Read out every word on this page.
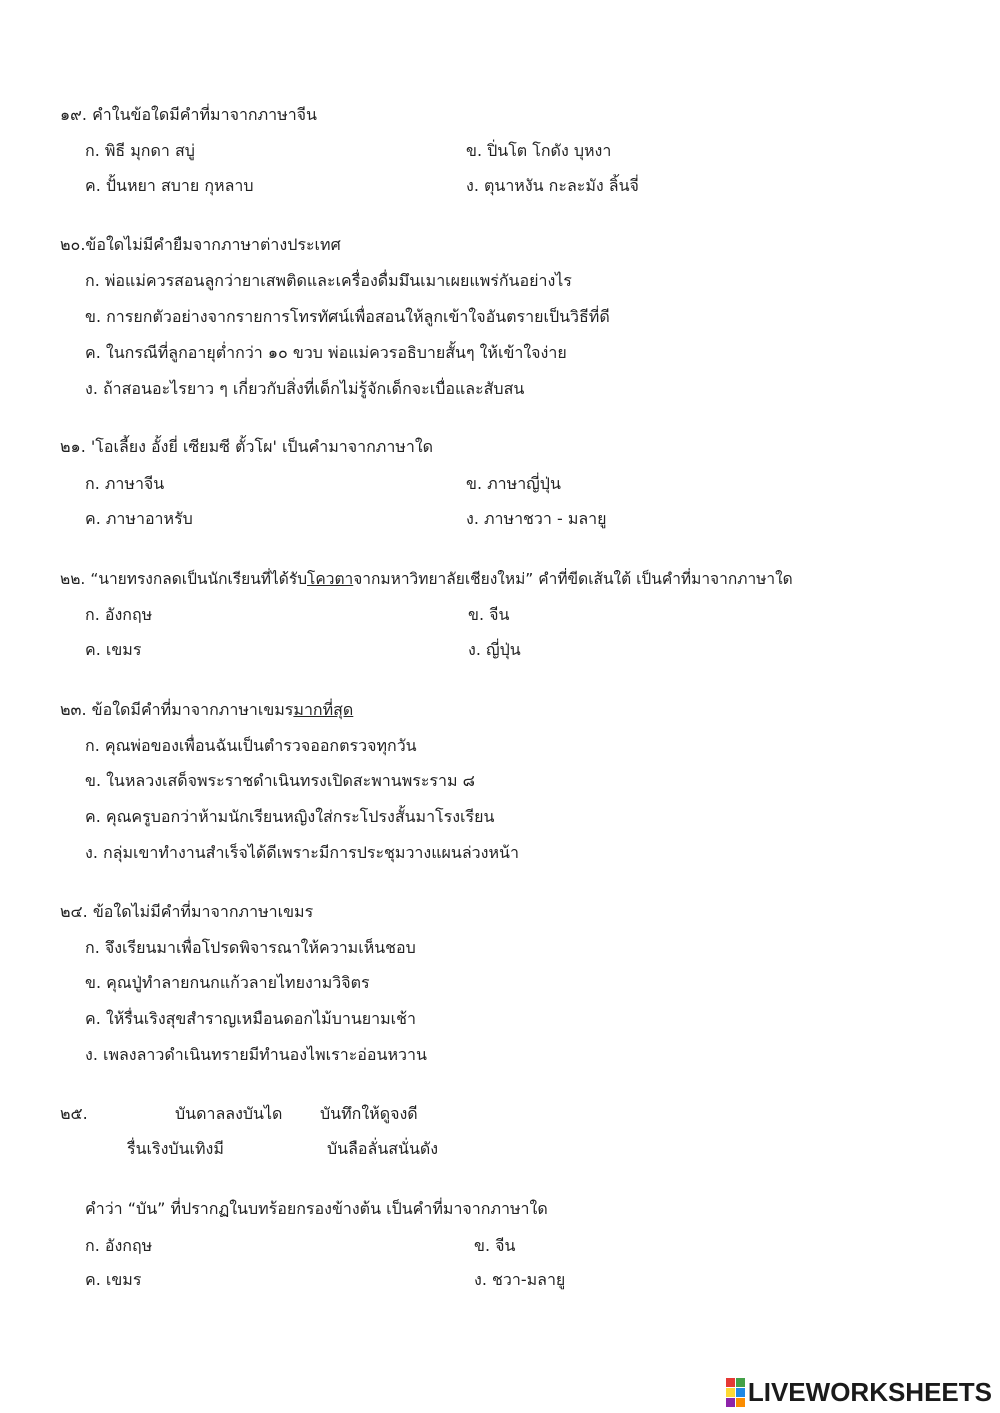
๑๙. คำในข้อใดมีคำที่มาจากภาษาจีน
ก. พิธี มุกดา สบู่	ข. ปิ่นโต โกดัง บุหงา
ค. ปั้นหยา สบาย กุหลาบ	ง. ตุนาหงัน กะละมัง ลิ้นจี่
๒๐.ข้อใดไม่มีคำยืมจากภาษาต่างประเทศ
ก. พ่อแม่ควรสอนลูกว่ายาเสพติดและเครื่องดื่มมึนเมาเผยแพร่กันอย่างไร
ข. การยกตัวอย่างจากรายการโทรทัศน์เพื่อสอนให้ลูกเข้าใจอันตรายเป็นวิธีที่ดี
ค. ในกรณีที่ลูกอายุต่ำกว่า ๑๐ ขวบ พ่อแม่ควรอธิบายสั้นๆ ให้เข้าใจง่าย
ง. ถ้าสอนอะไรยาว ๆ เกี่ยวกับสิ่งที่เด็กไม่รู้จักเด็กจะเบื่อและสับสน
๒๑. 'โอเลี้ยง อั้งยี่ เซียมซี ตั้วโผ' เป็นคำมาจากภาษาใด
ก. ภาษาจีน	ข. ภาษาญี่ปุ่น
ค. ภาษาอาหรับ	ง. ภาษาชวา - มลายู
๒๒. “นายทรงกลดเป็นนักเรียนที่ได้รับโควตาจากมหาวิทยาลัยเชียงใหม่” คำที่ขีดเส้นใต้ เป็นคำที่มาจากภาษาใด
ก. อังกฤษ	ข. จีน
ค. เขมร	ง. ญี่ปุ่น
๒๓. ข้อใดมีคำที่มาจากภาษาเขมรมากที่สุด
ก. คุณพ่อของเพื่อนฉันเป็นตำรวจออกตรวจทุกวัน
ข. ในหลวงเสด็จพระราชดำเนินทรงเปิดสะพานพระราม ๘
ค. คุณครูบอกว่าห้ามนักเรียนหญิงใส่กระโปรงสั้นมาโรงเรียน
ง. กลุ่มเขาทำงานสำเร็จได้ดีเพราะมีการประชุมวางแผนล่วงหน้า
๒๔. ข้อใดไม่มีคำที่มาจากภาษาเขมร
ก. จึงเรียนมาเพื่อโปรดพิจารณาให้ความเห็นชอบ
ข. คุณปู่ทำลายกนกแก้วลายไทยงามวิจิตร
ค. ให้รื่นเริงสุขสำราญเหมือนดอกไม้บานยามเช้า
ง. เพลงลาวดำเนินทรายมีทำนองไพเราะอ่อนหวาน
๒๕.	บันดาลลงบันได บันทึกให้ดูจงดี
รื่นเริงบันเทิงมี	บันลือลั่นสนั่นดัง
คำว่า “บัน” ที่ปรากฏในบทร้อยกรองข้างต้น เป็นคำที่มาจากภาษาใด
ก. อังกฤษ	ข. จีน
ค. เขมร	ง. ชวา-มลายู
LIVEWORKSHEETS
